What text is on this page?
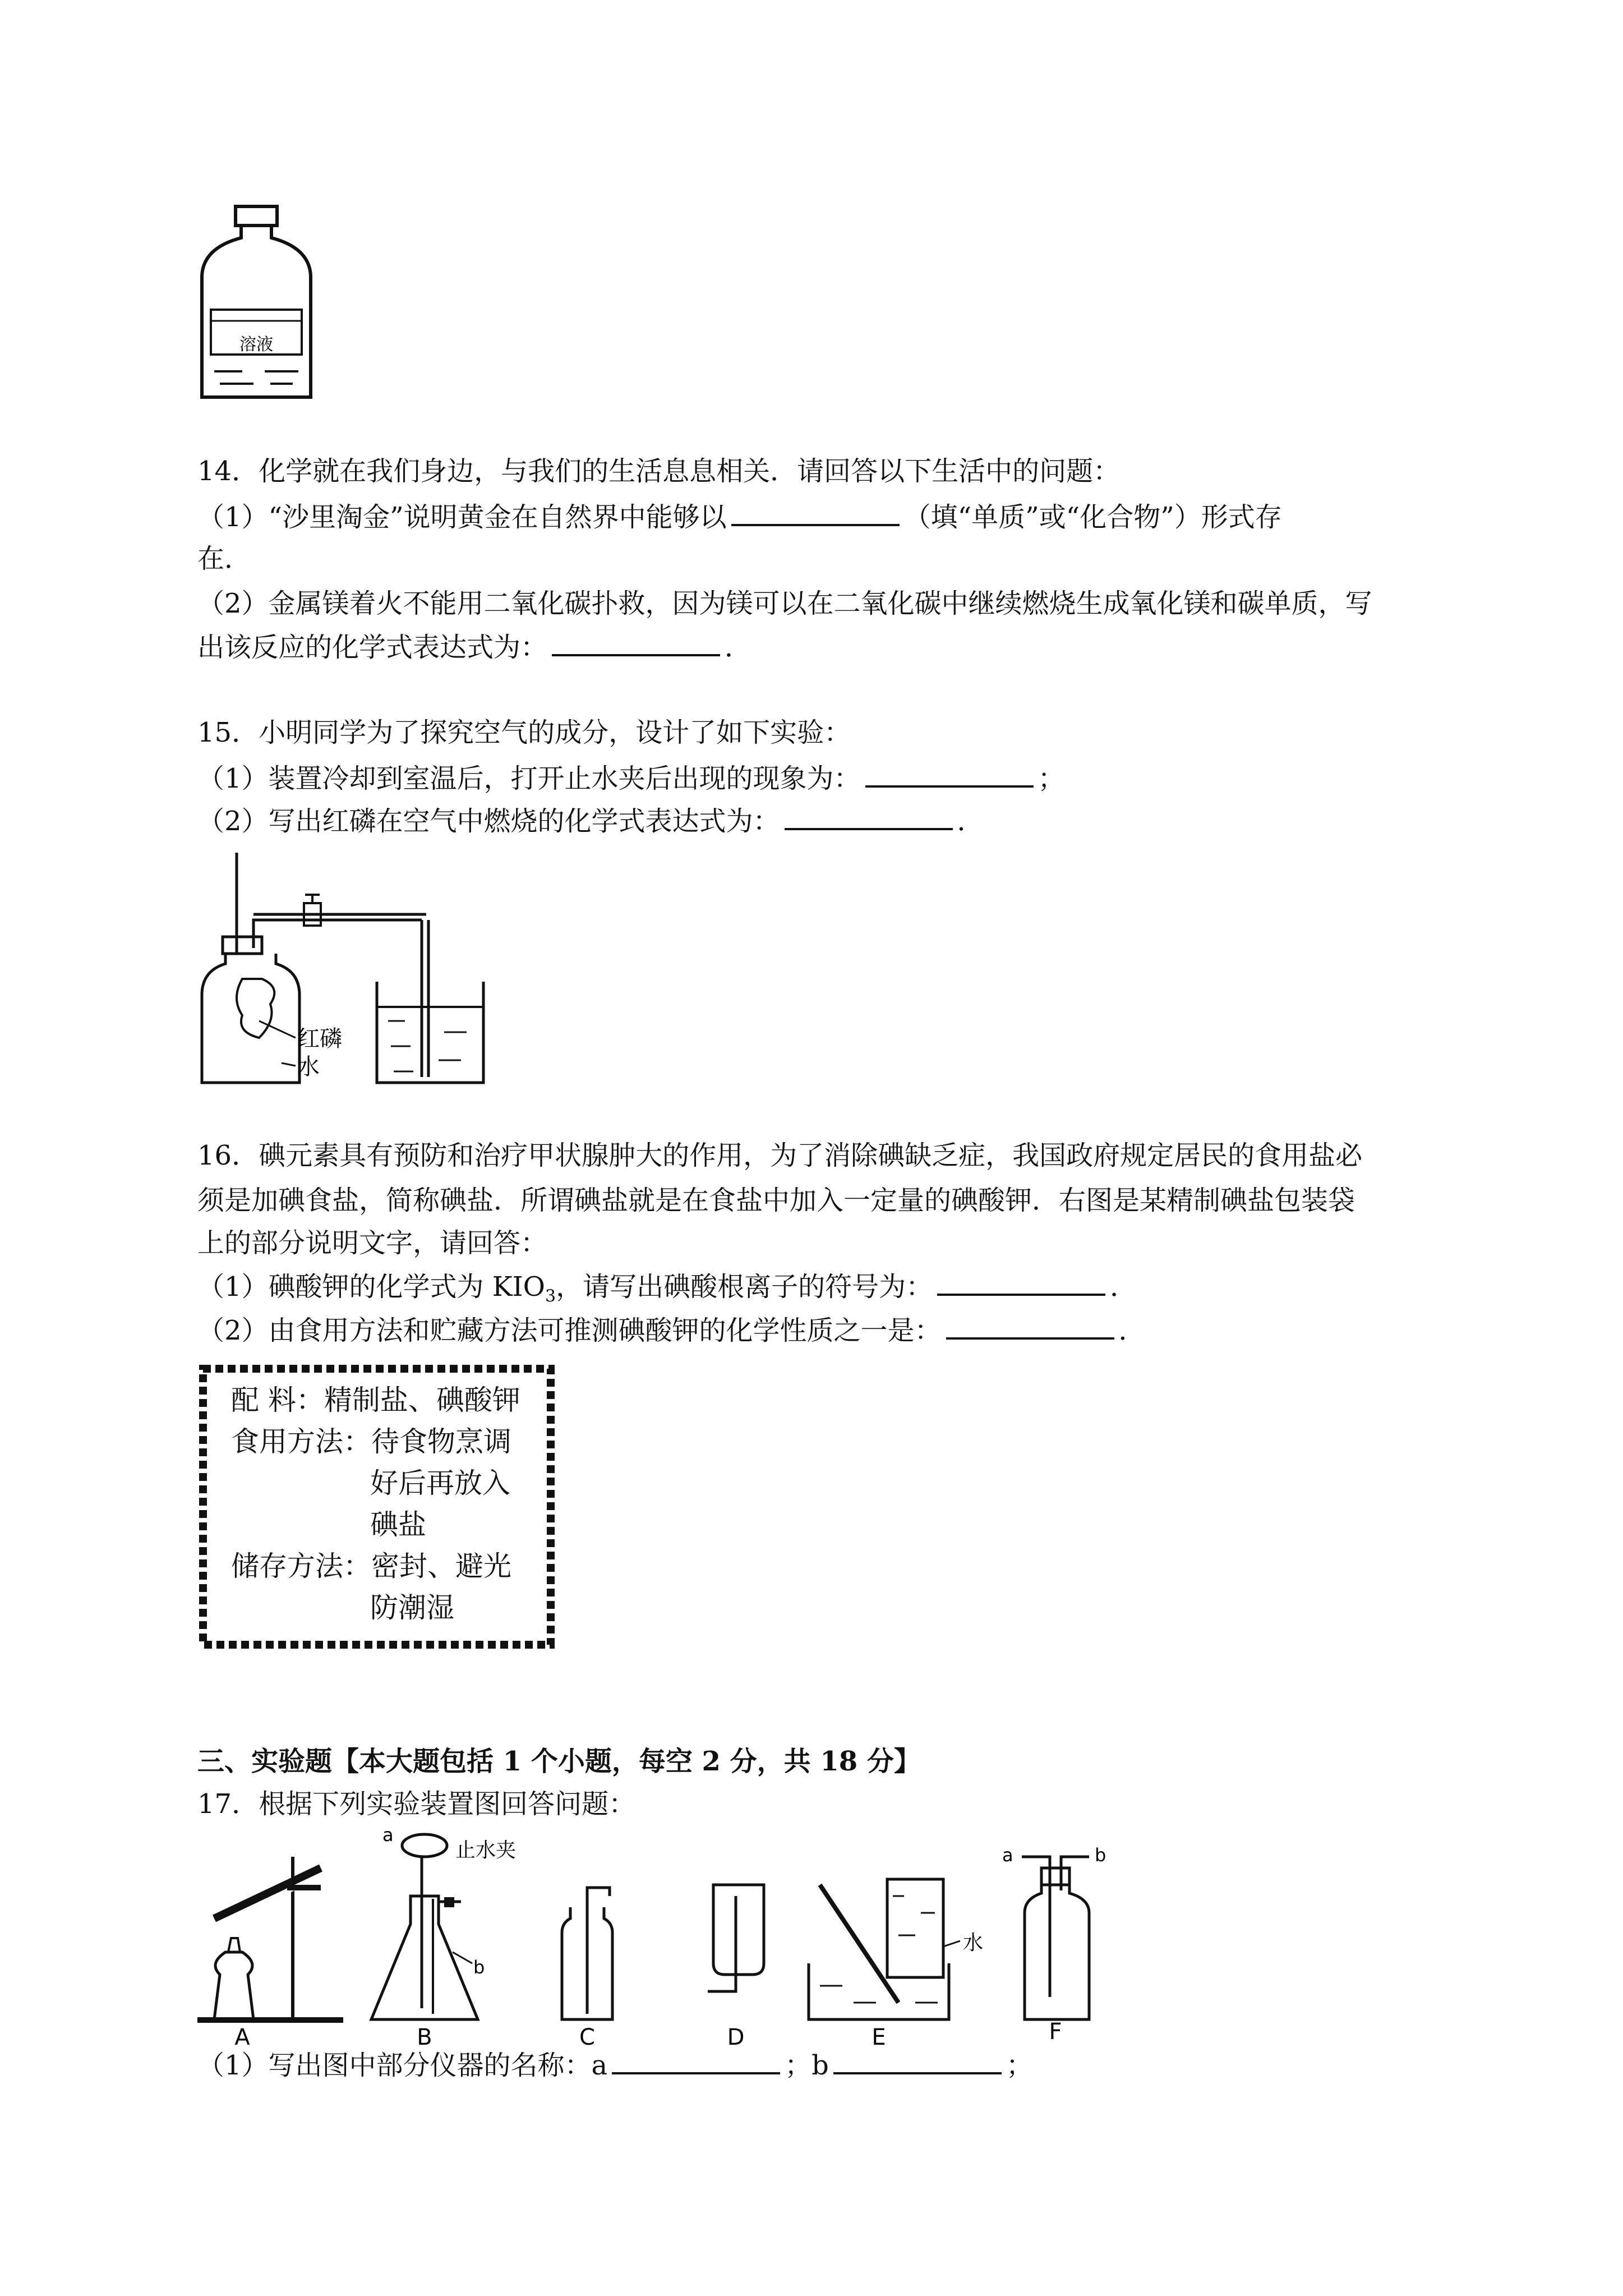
溶液
14．化学就在我们身边，与我们的生活息息相关．请回答以下生活中的问题：
（1）“沙里淘金”说明黄金在自然界中能够以	（填“单质”或“化合物”）形式存
在．
（2）金属镁着火不能用二氧化碳扑救，因为镁可以在二氧化碳中继续燃烧生成氧化镁和碳单质，写
出该反应的化学式表达式为：	．
15．小明同学为了探究空气的成分，设计了如下实验：
（1）装置冷却到室温后，打开止水夹后出现的现象为：	；
（2）写出红磷在空气中燃烧的化学式表达式为：	．
红磷
水
16．碘元素具有预防和治疗甲状腺肿大的作用，为了消除碘缺乏症，我国政府规定居民的食用盐必
须是加碘食盐，简称碘盐．所谓碘盐就是在食盐中加入一定量的碘酸钾．右图是某精制碘盐包装袋
上的部分说明文字，请回答：
（1）碘酸钾的化学式为 $KIO_3$，请写出碘酸根离子的符号为：	．
（2）由食用方法和贮藏方法可推测碘酸钾的化学性质之一是：	．
配 料：精制盐、碘酸钾
食用方法：待食物烹调
好后再放入
碘盐
储存方法：密封、避光
防潮湿
三、实验题【本大题包括 1 个小题，每空 2 分，共 18 分】
17．根据下列实验装置图回答问题：
A
a
b
止水夹
B	C	D
水
E
a	b
F
（1）写出图中部分仪器的名称：a	；b	；
